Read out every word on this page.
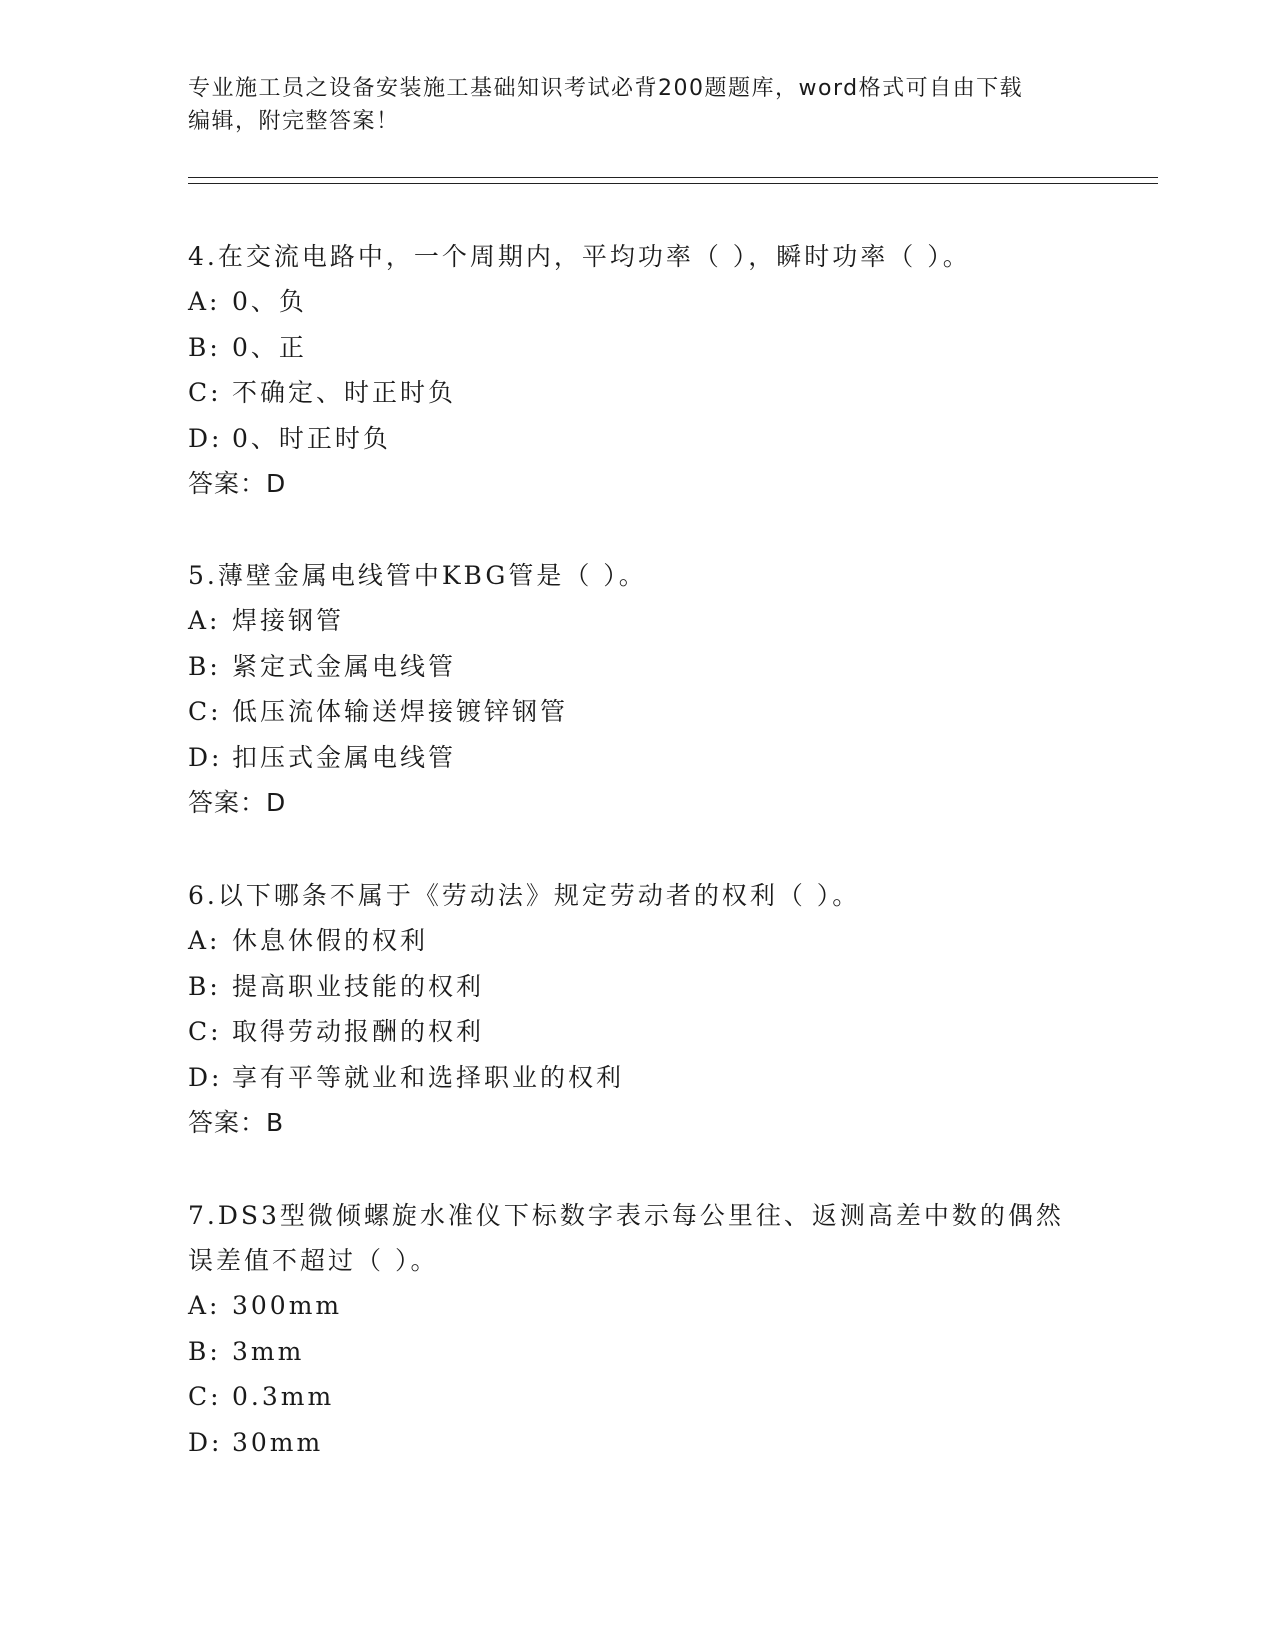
专业施工员之设备安装施工基础知识考试必背200题题库，word格式可自由下载
编辑，附完整答案！
4.在交流电路中，一个周期内，平均功率（ ），瞬时功率（ ）。
A: 0、负
B: 0、正
C: 不确定、时正时负
D: 0、时正时负
答案：D
5.薄壁金属电线管中KBG管是（ ）。
A: 焊接钢管
B: 紧定式金属电线管
C: 低压流体输送焊接镀锌钢管
D: 扣压式金属电线管
答案：D
6.以下哪条不属于《劳动法》规定劳动者的权利（ ）。
A: 休息休假的权利
B: 提高职业技能的权利
C: 取得劳动报酬的权利
D: 享有平等就业和选择职业的权利
答案：B
7.DS3型微倾螺旋水准仪下标数字表示每公里往、返测高差中数的偶然误差值不超过（ ）。
A: 300mm
B: 3mm
C: 0.3mm
D: 30mm
